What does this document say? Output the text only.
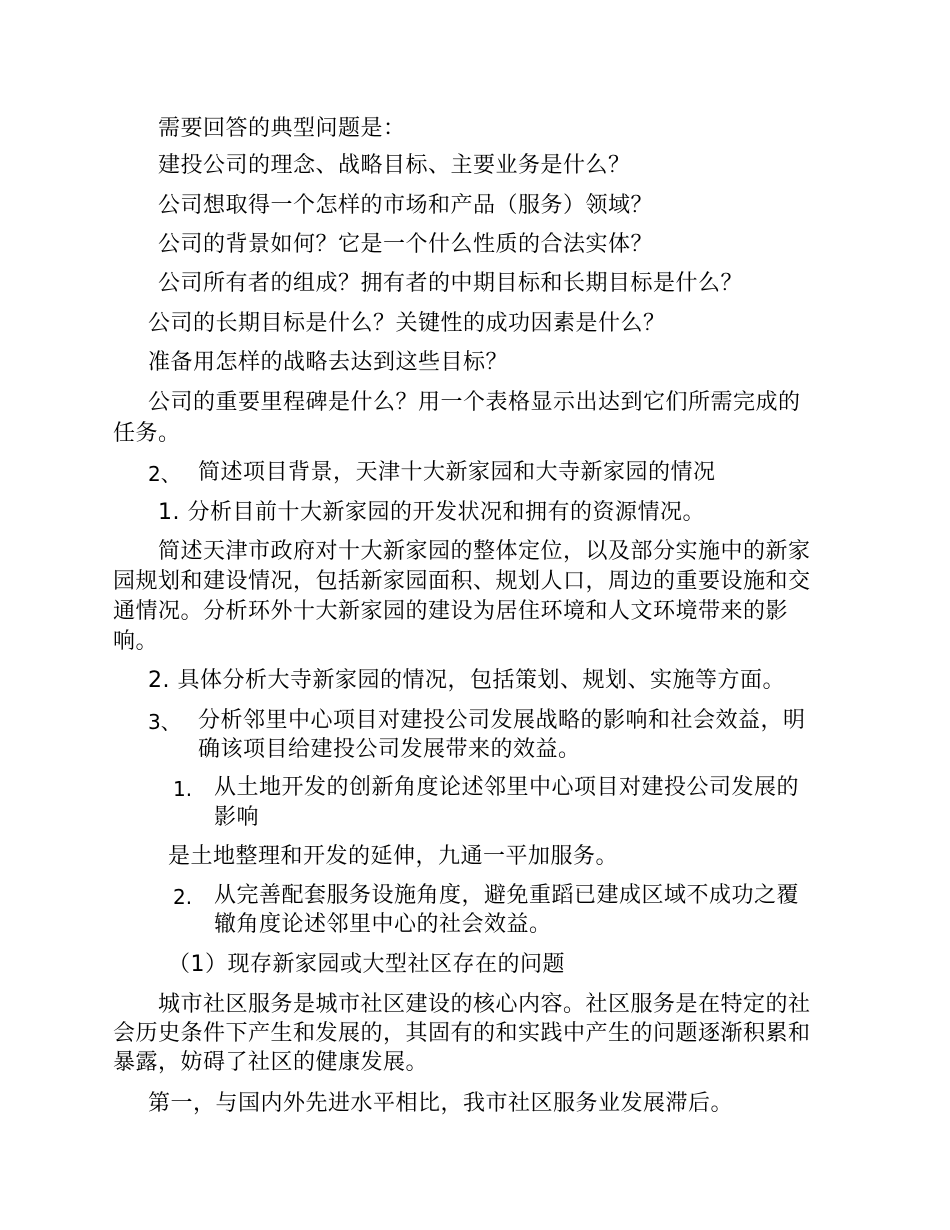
需要回答的典型问题是：

建投公司的理念、战略目标、主要业务是什么？

公司想取得一个怎样的市场和产品（服务）领域？

公司的背景如何？它是一个什么性质的合法实体？

公司所有者的组成？拥有者的中期目标和长期目标是什么？

公司的长期目标是什么？关键性的成功因素是什么？

准备用怎样的战略去达到这些目标？

公司的重要里程碑是什么？用一个表格显示出达到它们所需完成的

任务。

2、 简述项目背景，天津十大新家园和大寺新家园的情况

1. 分析目前十大新家园的开发状况和拥有的资源情况。

简述天津市政府对十大新家园的整体定位，以及部分实施中的新家

园规划和建设情况，包括新家园面积、规划人口，周边的重要设施和交

通情况。分析环外十大新家园的建设为居住环境和人文环境带来的影

响。

2. 具体分析大寺新家园的情况，包括策划、规划、实施等方面。

3、 分析邻里中心项目对建投公司发展战略的影响和社会效益，明

确该项目给建投公司发展带来的效益。

1. 从土地开发的创新角度论述邻里中心项目对建投公司发展的

影响

是土地整理和开发的延伸，九通一平加服务。

2. 从完善配套服务设施角度，避免重蹈已建成区域不成功之覆

辙角度论述邻里中心的社会效益。

（1）现存新家园或大型社区存在的问题

城市社区服务是城市社区建设的核心内容。社区服务是在特定的社

会历史条件下产生和发展的，其固有的和实践中产生的问题逐渐积累和

暴露，妨碍了社区的健康发展。

第一，与国内外先进水平相比，我市社区服务业发展滞后。
